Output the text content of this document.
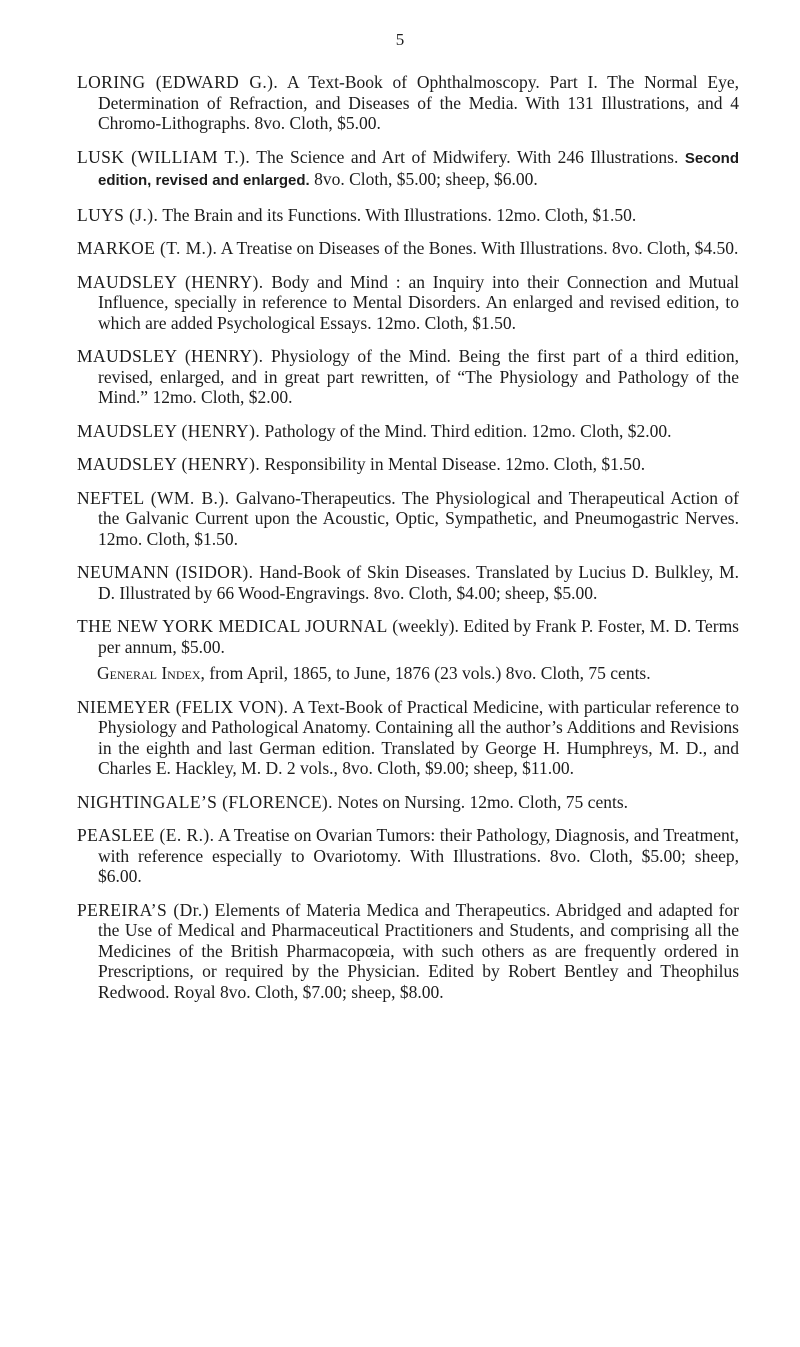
5

LORING (EDWARD G.). A Text-Book of Ophthalmoscopy. Part I. The Normal Eye, Determination of Refraction, and Diseases of the Media. With 131 Illustrations, and 4 Chromo-Lithographs. 8vo. Cloth, $5.00.

LUSK (WILLIAM T.). The Science and Art of Midwifery. With 246 Illustrations. Second edition, revised and enlarged. 8vo. Cloth, $5.00; sheep, $6.00.

LUYS (J.). The Brain and its Functions. With Illustrations. 12mo. Cloth, $1.50.

MARKOE (T. M.). A Treatise on Diseases of the Bones. With Illustrations. 8vo. Cloth, $4.50.

MAUDSLEY (HENRY). Body and Mind : an Inquiry into their Connection and Mutual Influence, specially in reference to Mental Disorders. An enlarged and revised edition, to which are added Psychological Essays. 12mo. Cloth, $1.50.

MAUDSLEY (HENRY). Physiology of the Mind. Being the first part of a third edition, revised, enlarged, and in great part rewritten, of “The Physiology and Pathology of the Mind.” 12mo. Cloth, $2.00.

MAUDSLEY (HENRY). Pathology of the Mind. Third edition. 12mo. Cloth, $2.00.

MAUDSLEY (HENRY). Responsibility in Mental Disease. 12mo. Cloth, $1.50.

NEFTEL (WM. B.). Galvano-Therapeutics. The Physiological and Therapeutical Action of the Galvanic Current upon the Acoustic, Optic, Sympathetic, and Pneumogastric Nerves. 12mo. Cloth, $1.50.

NEUMANN (ISIDOR). Hand-Book of Skin Diseases. Translated by Lucius D. Bulkley, M. D. Illustrated by 66 Wood-Engravings. 8vo. Cloth, $4.00; sheep, $5.00.

THE NEW YORK MEDICAL JOURNAL (weekly). Edited by Frank P. Foster, M. D. Terms per annum, $5.00.

General Index, from April, 1865, to June, 1876 (23 vols.) 8vo. Cloth, 75 cents.

NIEMEYER (FELIX VON). A Text-Book of Practical Medicine, with particular reference to Physiology and Pathological Anatomy. Containing all the author’s Additions and Revisions in the eighth and last German edition. Translated by George H. Humphreys, M. D., and Charles E. Hackley, M. D. 2 vols., 8vo. Cloth, $9.00; sheep, $11.00.

NIGHTINGALE’S (FLORENCE). Notes on Nursing. 12mo. Cloth, 75 cents.

PEASLEE (E. R.). A Treatise on Ovarian Tumors: their Pathology, Diagnosis, and Treatment, with reference especially to Ovariotomy. With Illustrations. 8vo. Cloth, $5.00; sheep, $6.00.

PEREIRA’S (Dr.) Elements of Materia Medica and Therapeutics. Abridged and adapted for the Use of Medical and Pharmaceutical Practitioners and Students, and comprising all the Medicines of the British Pharmacopœia, with such others as are frequently ordered in Prescriptions, or required by the Physician. Edited by Robert Bentley and Theophilus Redwood. Royal 8vo. Cloth, $7.00; sheep, $8.00.
